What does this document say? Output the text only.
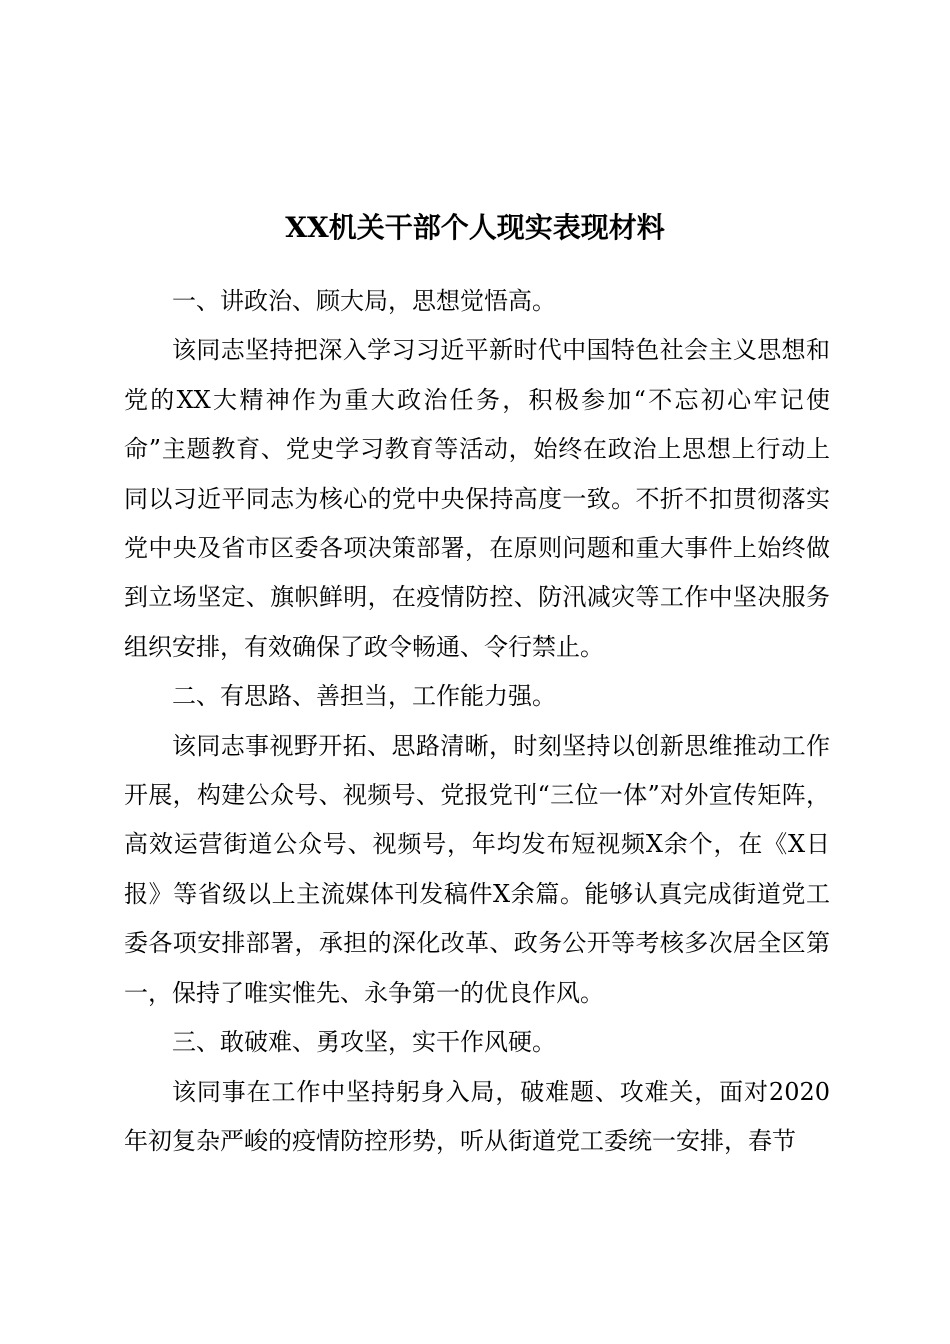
XX机关干部个人现实表现材料

一、讲政治、顾大局，思想觉悟高。

该同志坚持把深入学习习近平新时代中国特色社会主义思想和党的XX大精神作为重大政治任务，积极参加“不忘初心牢记使命”主题教育、党史学习教育等活动，始终在政治上思想上行动上同以习近平同志为核心的党中央保持高度一致。不折不扣贯彻落实党中央及省市区委各项决策部署，在原则问题和重大事件上始终做到立场坚定、旗帜鲜明，在疫情防控、防汛减灾等工作中坚决服务组织安排，有效确保了政令畅通、令行禁止。

二、有思路、善担当，工作能力强。

该同志事视野开拓、思路清晰，时刻坚持以创新思维推动工作开展，构建公众号、视频号、党报党刊“三位一体”对外宣传矩阵，高效运营街道公众号、视频号，年均发布短视频X余个，在《X日报》等省级以上主流媒体刊发稿件X余篇。能够认真完成街道党工委各项安排部署，承担的深化改革、政务公开等考核多次居全区第一，保持了唯实惟先、永争第一的优良作风。

三、敢破难、勇攻坚，实干作风硬。

该同事在工作中坚持躬身入局，破难题、攻难关，面对2020年初复杂严峻的疫情防控形势，听从街道党工委统一安排，春节
